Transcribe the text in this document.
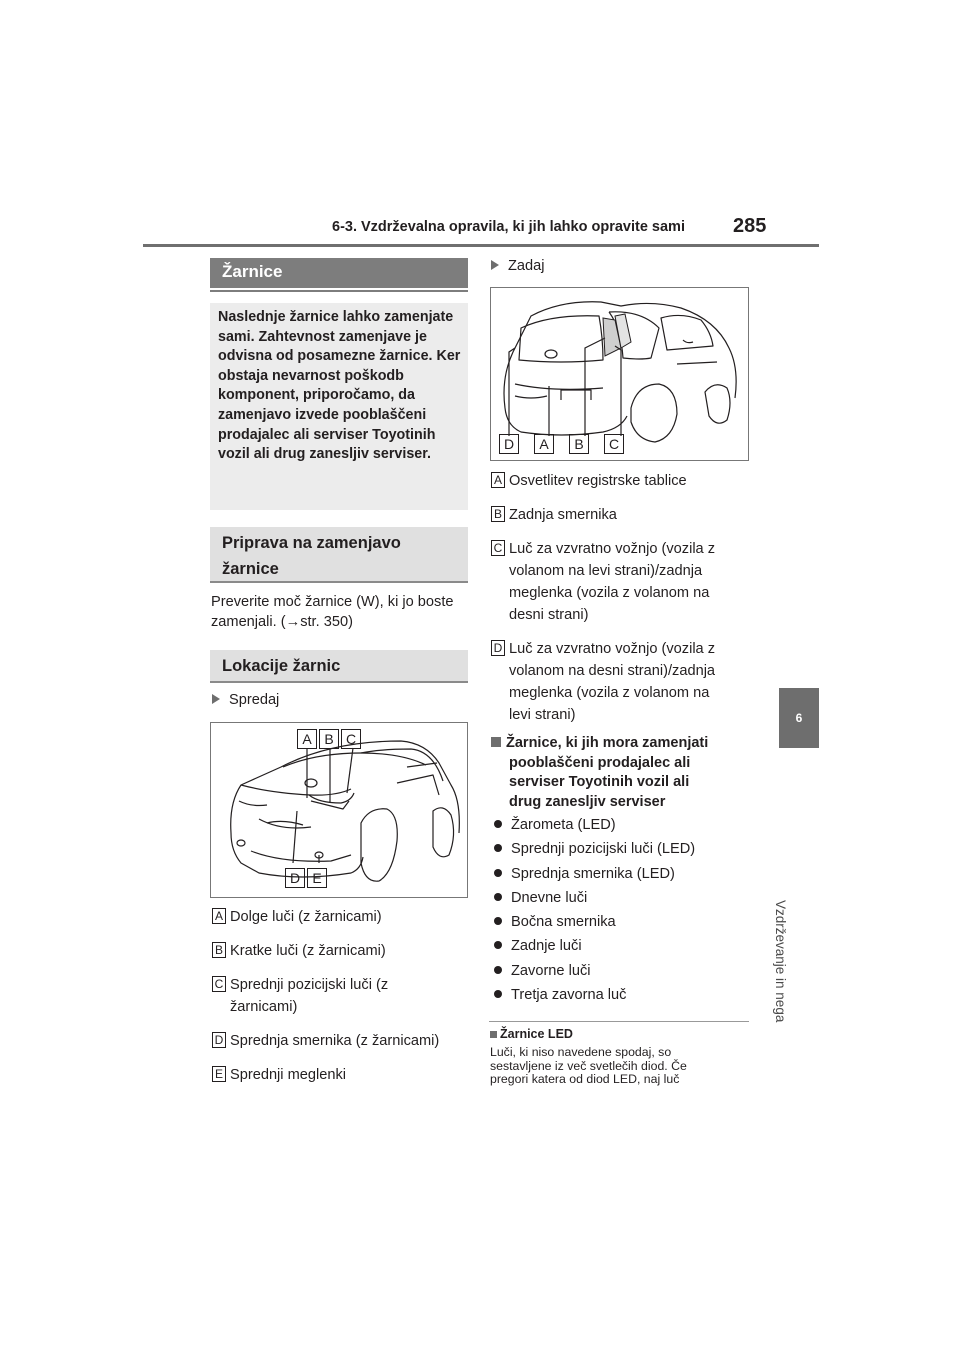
6-3. Vzdrževalna opravila, ki jih lahko opravite sami 285
6
Vzdrževanje in nega
Žarnice
Naslednje žarnice lahko zamenjate sami. Zahtevnost zamenjave je odvisna od posamezne žarnice. Ker obstaja nevarnost poškodb komponent, priporočamo, da zamenjavo izvede pooblaščeni prodajalec ali serviser Toyotinih vozil ali drug zanesljiv serviser.
Priprava na zamenjavo
žarnice
Preverite moč žarnice (W), ki jo boste zamenjali. (→str. 350)
Lokacije žarnic
Spredaj
A B C
D E
A Dolge luči (z žarnicami)
B Kratke luči (z žarnicami)
C Sprednji pozicijski luči (z
žarnicami)
D Sprednja smernika (z žarnicami)
E Sprednji meglenki
Zadaj
D A B C
A Osvetlitev registrske tablice
B Zadnja smernika
C Luč za vzvratno vožnjo (vozila z
volanom na levi strani)/zadnja
meglenka (vozila z volanom na
desni strani)
D Luč za vzvratno vožnjo (vozila z
volanom na desni strani)/zadnja
meglenka (vozila z volanom na
levi strani)
Žarnice, ki jih mora zamenjati
pooblaščeni prodajalec ali
serviser Toyotinih vozil ali
drug zanesljiv serviser
Žarometa (LED)
Sprednji pozicijski luči (LED)
Sprednja smernika (LED)
Dnevne luči
Bočna smernika
Zadnje luči
Zavorne luči
Tretja zavorna luč
Žarnice LED
Luči, ki niso navedene spodaj, so
sestavljene iz več svetlečih diod. Če
pregori katera od diod LED, naj luč
